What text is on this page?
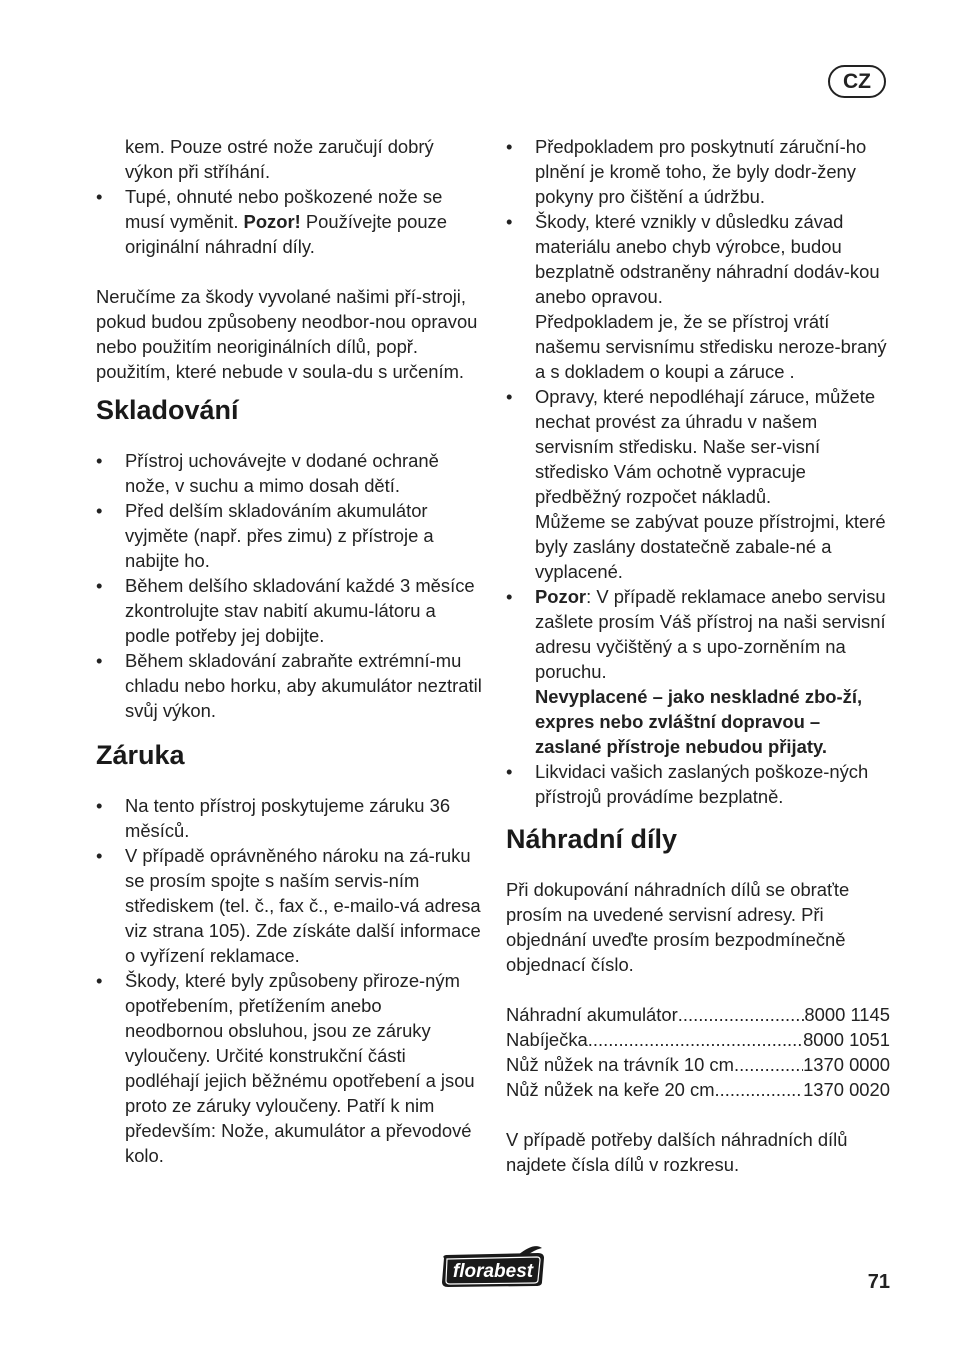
CZ

kem. Pouze ostré nože zaručují dobrý výkon při stříhání.

• Tupé, ohnuté nebo poškozené nože se musí vyměnit. Pozor! Používejte pouze originální náhradní díly.

Neručíme za škody vyvolané našimi pří-stroji, pokud budou způsobeny neodbor-nou opravou nebo použitím neoriginálních dílů, popř. použitím, které nebude v soula-du s určením.

Skladování
• Přístroj uchovávejte v dodané ochraně nože, v suchu a mimo dosah dětí.
• Před delším skladováním akumulátor vyjměte (např. přes zimu) z přístroje a nabijte ho.
• Během delšího skladování každé 3 měsíce zkontrolujte stav nabití akumu-látoru a podle potřeby jej dobijte.
• Během skladování zabraňte extrémní-mu chladu nebo horku, aby akumulátor neztratil svůj výkon.
Záruka
• Na tento přístroj poskytujeme záruku 36 měsíců.
• V případě oprávněného nároku na zá-ruku se prosím spojte s naším servis-ním střediskem (tel. č., fax č., e-mailo-vá adresa viz strana 105). Zde získáte další informace o vyřízení reklamace.
• Škody, které byly způsobeny přiroze-ným opotřebením, přetížením anebo neodbornou obsluhou, jsou ze záruky vyloučeny. Určité konstrukční části podléhají jejich běžnému opotřebení a jsou proto ze záruky vyloučeny. Patří k nim především: Nože, akumulátor a převodové kolo.
• Předpokladem pro poskytnutí záruční-ho plnění je kromě toho, že byly dodr-ženy pokyny pro čištění a údržbu.
• Škody, které vznikly v důsledku závad materiálu anebo chyb výrobce, budou bezplatně odstraněny náhradní dodáv-kou anebo opravou.

Předpokladem je, že se přístroj vrátí našemu servisnímu středisku neroze-braný a s dokladem o koupi a záruce .

• Opravy, které nepodléhají záruce, můžete nechat provést za úhradu v našem servisním středisku. Naše ser-visní středisko Vám ochotně vypracuje předběžný rozpočet nákladů.

Můžeme se zabývat pouze přístrojmi, které byly zaslány dostatečně zabale-né a vyplacené.

• Pozor: V případě reklamace anebo servisu zašlete prosím Váš přístroj na naši servisní adresu vyčištěný a s upo-zorněním na poruchu.

Nevyplacené – jako neskladné zbo-ží, expres nebo zvláštní dopravou – zaslané přístroje nebudou přijaty.

• Likvidaci vašich zaslaných poškoze-ných přístrojů provádíme bezplatně.
Náhradní díly

Při dokupování náhradních dílů se obraťte prosím na uvedené servisní adresy. Při objednání uveďte prosím bezpodmínečně objednací číslo.

Náhradní akumulátor .....	8000 1145
Nabíječka .....	8000 1051
Nůž nůžek na trávník 10 cm .....	1370 0000
Nůž nůžek na keře 20 cm .....	1370 0020

V případě potřeby dalších náhradních dílů najdete čísla dílů v rozkresu.

florabest	71
